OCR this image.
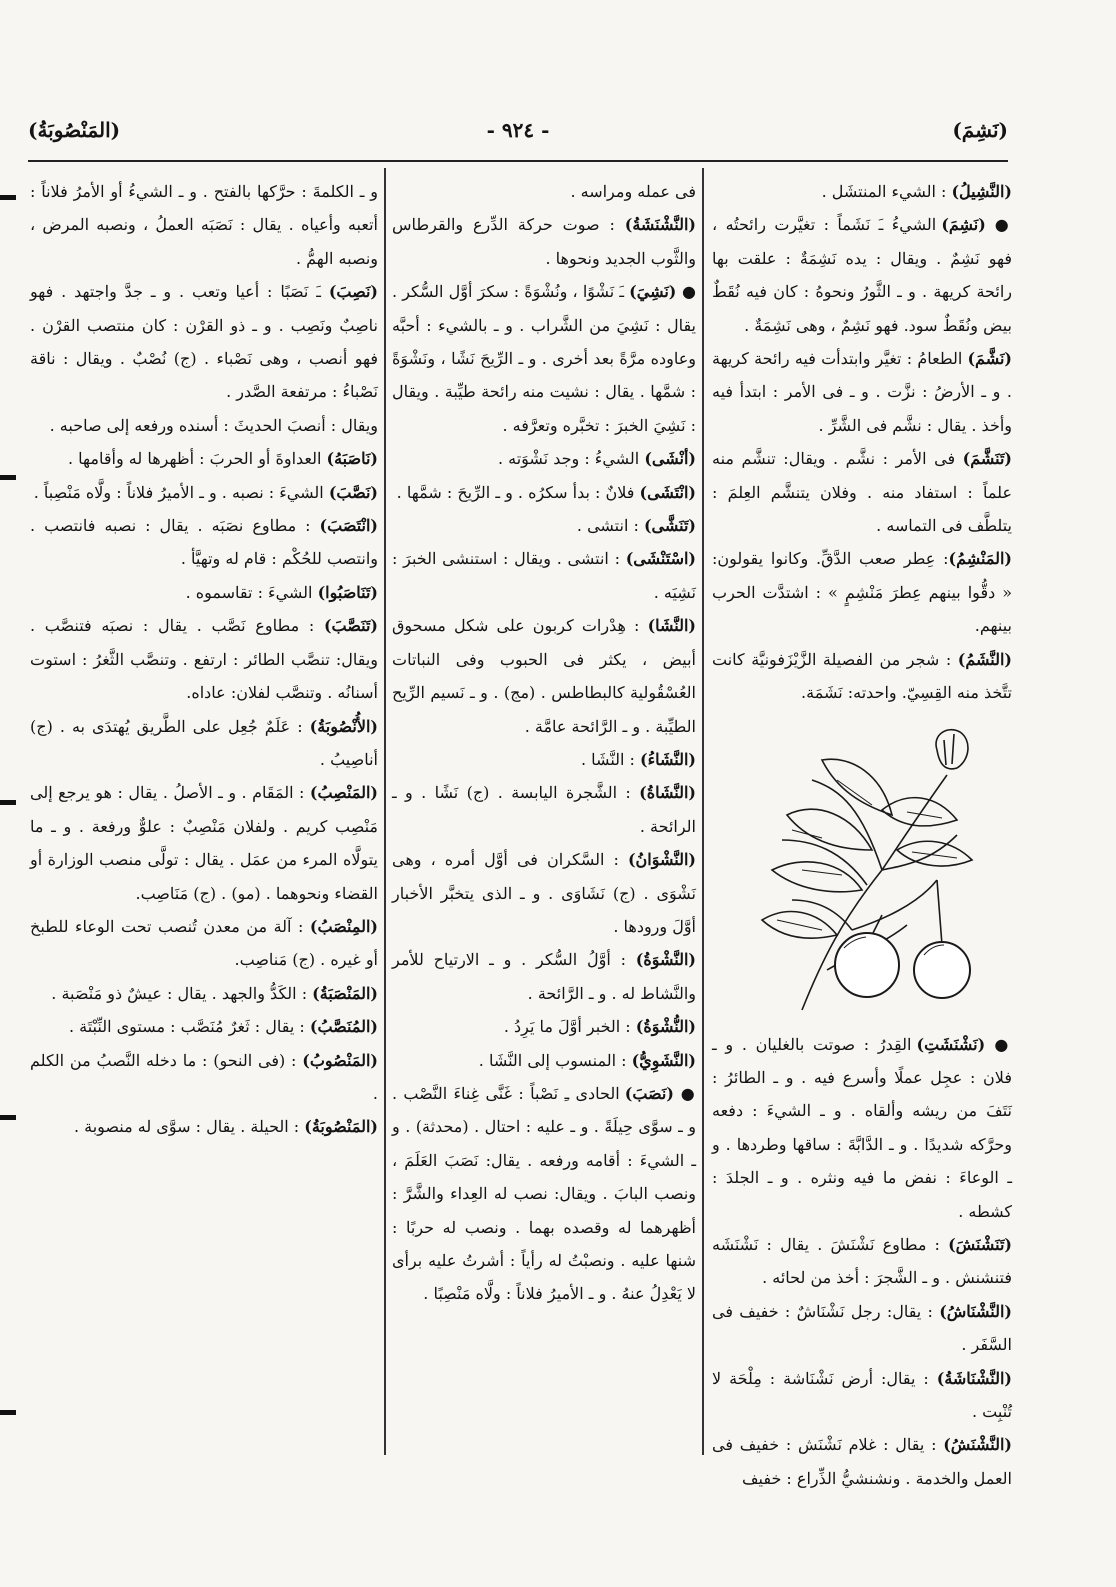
(نَشِمَ)
- ٩٢٤ -
(المَنْصُوبَةُ)

(النَّشِيلُ) : الشيء المنتشَل .

● (نَشِمَ) الشيءُ ـَ نَشَماً : تغيَّرت رائحتُه ، فهو نَشِمٌ . ويقال : يده نَشِمَةٌ : علقت بها رائحة كريهة . و ـ الثَّورُ ونحوهُ : كان فيه نُقَطٌ بيض ونُقَطٌ سود. فهو نَشِمٌ ، وهى نَشِمَةٌ .

(نَشَّمَ) الطعامُ : تغيَّر وابتدأت فيه رائحة كريهة . و ـ الأرضُ : نزَّت . و ـ فى الأمر : ابتدأ فيه وأخذ . يقال : نشَّم فى الشَّرِّ .

(تَنَشَّمَ) فى الأمر : نشَّم . ويقال: تنشَّم منه علماً : استفاد منه . وفلان يتنشَّم العِلمَ : يتلطَّف فى التماسه .

(المَنْشِمُ): عِطر صعب الدَّقِّ. وكانوا يقولون: « دقُّوا بينهم عِطرَ مَنْشِمٍ » : اشتدَّت الحرب بينهم.

(النَّشَمُ) : شجر من الفصيلة الزَّيْزَفونيَّة كانت تتَّخذ منه القِسِيّ. واحدته: نَشَمَة.

● (نَشْنَشَتِ) القِدرُ : صوتت بالغليان . و ـ فلان : عجِل عملًا وأسرع فيه . و ـ الطائرُ : نَتَفَ من ريشه وألقاه . و ـ الشيءَ : دفعه وحرَّكه شديدًا . و ـ الدَّابَّةَ : ساقها وطردها . و ـ الوعاءَ : نفض ما فيه ونثره . و ـ الجلدَ : كشطه .

(تَنَشْنَشَ) : مطاوع نَشْنَشَ . يقال : نَشْنَشَه فتنشنش . و ـ الشَّجرَ : أخذ من لحائه .

(النَّشْنَاشُ) : يقال: رجل نَشْنَاشٌ : خفيف فى السَّفَر .

(النَّشْنَاشَةُ) : يقال: أرض نَشْنَاشة : مِلْحَة لا تُنْبِت .

(النَّشْنَشُ) : يقال : غلام نَشْنَش : خفيف فى العمل والخدمة . ونشنشيُّ الذِّراع : خفيف

فى عمله ومراسه .

(النَّشْنَشَةُ) : صوت حركة الدِّرع والقرطاس والثَّوب الجديد ونحوها .

● (نَشِيَ) ـَ نَشْوًا ، ونُشْوَةً : سكرَ أوَّل السُّكر . يقال : نَشِيَ من الشَّراب . و ـ بالشيء : أحبَّه وعاوده مرَّةً بعد أخرى . و ـ الرِّيحَ نَشًا ، ونَشْوَةً : شمَّها . يقال : نشيت منه رائحة طيِّبة . ويقال : نَشِيَ الخبرَ : تخبَّره وتعرَّفه .

(أنْشَى) الشيءُ : وجد نَشْوَته .

(انْتَشَى) فلانٌ : بدأ سكرُه . و ـ الرِّيحَ : شمَّها .

(تَنَشَّى) : انتشى .

(اسْتَنْشَى) : انتشى . ويقال : استنشى الخبرَ : نَشِيَه .

(النَّشَا) : هِدْرات كربون على شكل مسحوق أبيض ، يكثر فى الحبوب وفى النباتات العُسْقُولية كالبطاطس . (مج) . و ـ نَسيم الرِّيح الطيِّبة . و ـ الرَّائحة عامَّة .

(النَّشَاءُ) : النَّشَا .

(النَّشَاةُ) : الشَّجرة اليابسة . (ج) نَشًا . و ـ الرائحة .

(النَّشْوَانُ) : السَّكران فى أوَّل أمره ، وهى نَشْوَى . (ج) نَشَاوَى . و ـ الذى يتخبَّر الأخبار أوَّلَ ورودها .

(النَّشْوَةُ) : أوَّلُ السُّكر . و ـ الارتياح للأمر والنَّشاط له . و ـ الرَّائحة .

(النُّشْوَةُ) : الخبر أوَّلَ ما يَرِدُ .

(النَّشَوِيُّ) : المنسوب إلى النَّشَا .

● (نَصَبَ) الحادى ـِ نَصْباً : غَنَّى غِناءَ النَّصْب . و ـ سوَّى حِيلَةً . و ـ عليه : احتال . (محدثة) . و ـ الشيءَ : أقامه ورفعه . يقال: نَصَبَ العَلَمَ ، ونصب البابَ . ويقال: نصب له العِداء والشَّرَّ : أظهرهما له وقصده بهما . ونصب له حربًا : شنها عليه . ونصبْتُ له رأياً : أشرتُ عليه برأى لا يَعْدِلُ عنهُ . و ـ الأميرُ فلاناً : ولَّاه مَنْصِبًا .

و ـ الكلمةَ : حرَّكها بالفتح . و ـ الشيءُ أو الأمرُ فلاناً : أتعبه وأعياه . يقال : نَصَبَه العملُ ، ونصبه المرض ، ونصبه الهمُّ .

(نَصِبَ) ـَ نَصَبًا : أعيا وتعب . و ـ جدَّ واجتهد . فهو ناصِبٌ ونَصِب . و ـ ذو القرْن : كان منتصب القرْن . فهو أنصب ، وهى نَصْباء . (ج) نُصْبٌ . ويقال : ناقة نَصْباءُ : مرتفعة الصَّدر .

ويقال : أنصبَ الحديثَ : أسنده ورفعه إلى صاحبه .

(نَاصَبَهُ) العداوةَ أو الحربَ : أظهرها له وأقامها .

(نَصَّبَ) الشيءَ : نصبه . و ـ الأميرُ فلاناً : ولَّاه مَنْصِباً .

(انْتَصَبَ) : مطاوع نصَبَه . يقال : نصبه فانتصب . وانتصب للحُكْم : قام له وتهيَّأ .

(تَنَاصَبُوا) الشيءَ : تقاسموه .

(تَنَصَّبَ) : مطاوع نَصَّب . يقال : نصبَه فتنصَّب . ويقال: تنصَّب الطائر : ارتفع . وتنصَّب الثَّغرُ : استوت أسنانُه . وتنصَّب لفلان: عاداه.

(الأُنْصُوبَةُ) : عَلَمٌ جُعِل على الطَّريق يُهتدَى به . (ج) أناصِيبُ .

(المَنْصِبُ) : المَقَام . و ـ الأصلُ . يقال : هو يرجع إلى مَنْصِب كريم . ولفلان مَنْصِبٌ : علوٌّ ورفعة . و ـ ما يتولَّاه المرء من عمَل . يقال : تولَّى منصب الوزارة أو القضاء ونحوهما . (مو) . (ج) مَنَاصِب.

(المِنْصَبُ) : آلة من معدن تُنصب تحت الوعاء للطبخ أو غيره . (ج) مَناصِب.

(المَنْصَبَةُ) : الكَدُّ والجهد . يقال : عيشٌ ذو مَنْصَبة .

(المُنَصَّبُ) : يقال : ثَغرٌ مُنَصَّب : مستوى النِّبْتَة .

(المَنْصُوبُ) : (فى النحو) : ما دخله النَّصبُ من الكلم .

(المَنْصُوبَةُ) : الحيلة . يقال : سوَّى له منصوبة .
